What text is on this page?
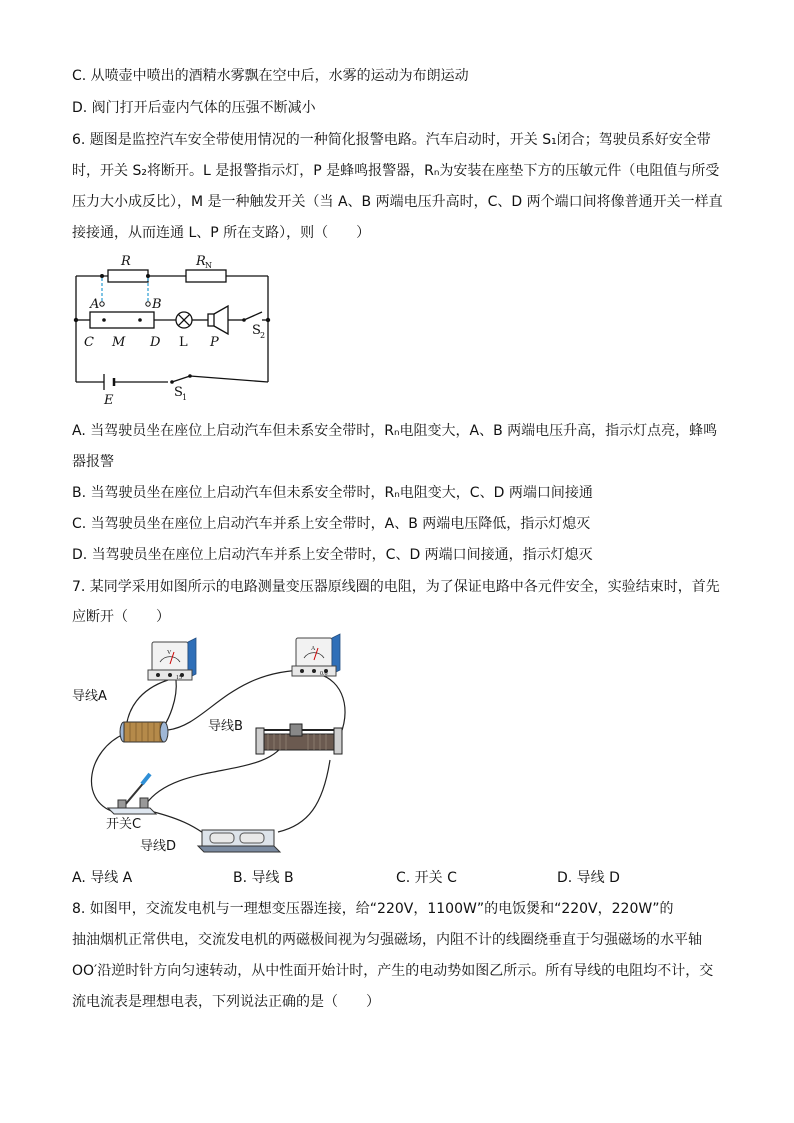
C. 从喷壶中喷出的酒精水雾飘在空中后，水雾的运动为布朗运动
D. 阀门打开后壶内气体的压强不断减小
6. 题图是监控汽车安全带使用情况的一种简化报警电路。汽车启动时，开关 S₁闭合；驾驶员系好安全带
时，开关 S₂将断开。L 是报警指示灯，P 是蜂鸣报警器，Rₙ为安装在座垫下方的压敏元件（电阻值与所受
压力大小成反比），M 是一种触发开关（当 A、B 两端电压升高时，C、D 两个端口间将像普通开关一样直
接接通，从而连通 L、P 所在支路），则（　　）
R	R
A	B
C M D	P
E
L
S
S
N
2
1
A. 当驾驶员坐在座位上启动汽车但未系安全带时，Rₙ电阻变大，A、B 两端电压升高，指示灯点亮，蜂鸣
器报警
B. 当驾驶员坐在座位上启动汽车但未系安全带时，Rₙ电阻变大，C、D 两端口间接通
C. 当驾驶员坐在座位上启动汽车并系上安全带时，A、B 两端电压降低，指示灯熄灭
D. 当驾驶员坐在座位上启动汽车并系上安全带时，C、D 两端口间接通，指示灯熄灭
7. 某同学采用如图所示的电路测量变压器原线圈的电阻，为了保证电路中各元件安全，实验结束时，首先
应断开（　　）
V
A
15
0.6
导线A
导线B
开关C
导线D
A. 导线 A	B. 导线 B	C. 开关 C	D. 导线 D
8. 如图甲，交流发电机与一理想变压器连接，给“220V，1100W”的电饭煲和“220V，220W”的
抽油烟机正常供电，交流发电机的两磁极间视为匀强磁场，内阻不计的线圈绕垂直于匀强磁场的水平轴
OO′沿逆时针方向匀速转动，从中性面开始计时，产生的电动势如图乙所示。所有导线的电阻均不计，交
流电流表是理想电表，下列说法正确的是（　　）
